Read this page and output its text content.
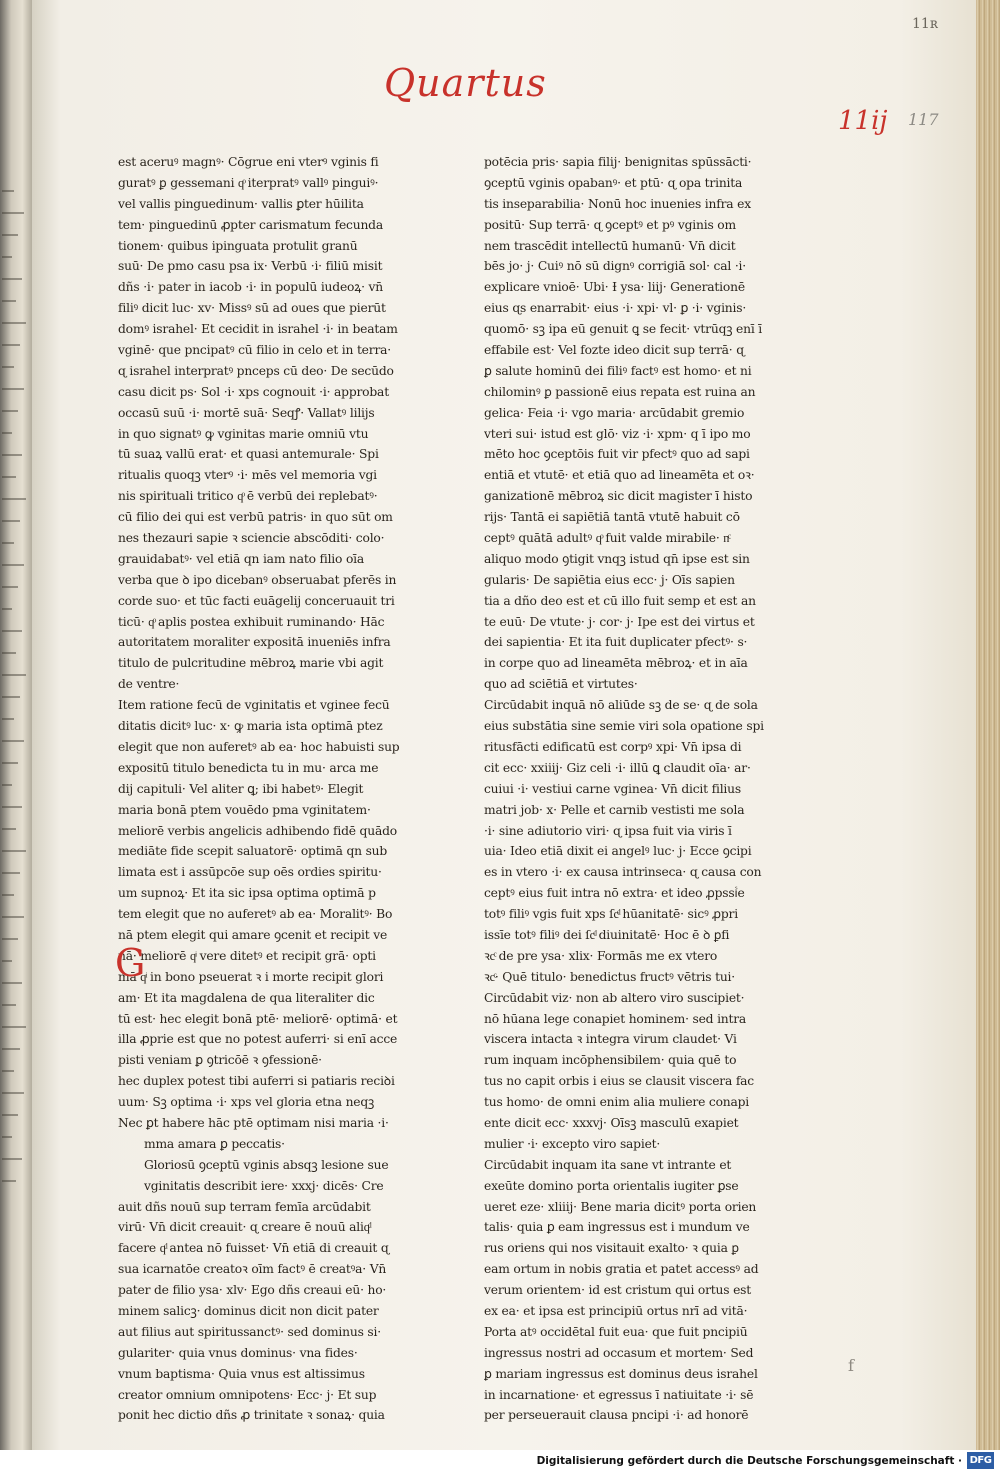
11ʀ
Quartus
11ij 117
f
G
est aceruꝰ magnꝰ· Cōgrue eni vterꝰ vginis fi
guratꝰ ꝑ gessemani qͦ iterpratꝰ vallꝰ pinguiꝰ·
vel vallis pinguedinum· vallis ꝑter hūilita
tem· pinguedinū ꝓpter carismatum fecunda
tionem· quibus ipinguata protulit granū
suū· De pmo casu psa ix· Verbū ·i· filiū misit
dñs ·i· pater in iacob ·i· in populū iudeoꝝ· vn̄
filiꝰ dicit luc· xv· Missꝰ sū ad oues que pierūt
domꝰ israhel· Et cecidit in israhel ·i· in beatam
vginē· que pncipatꝰ cū filio in celo et in terra·
ɋ israhel interpratꝰ pnceps cū deo· De secūdo
casu dicit ps· Sol ·i· xps cognouit ·i· approbat
occasū suū ·i· mortē suā· Seqꝭ· Vallatꝰ lilijs
in quo signatꝰ ꝙ vginitas marie omniū vtu
tū suaꝝ vallū erat· et quasi antemurale· Spi
ritualis quoqꝫ vterꝰ ·i· mēs vel memoria vgi
nis spirituali tritico qͦ ē verbū dei replebatꝰ·
cū filio dei qui est verbū patris· in quo sūt om
nes thezauri sapie ꝛ sciencie abscōditi· colo·
grauidabatꝰ· vel etiā qn iam nato filio oīa
verba que ꝺ ipo dicebanꝰ obseruabat pferēs in
corde suo· et tūc facti euāgelij conceruauit tri
ticū· qͦ aplis postea exhibuit ruminando· Hāc
autoritatem moraliter expositā inueniēs infra
titulo de pulcritudine mēbroꝝ marie vbi agit
de ventre·
Item ratione fecū de vginitatis et vginee fecū
ditatis dicitꝰ luc· x· ꝙ maria ista optimā ptez
elegit que non auferetꝰ ab ea· hoc habuisti sup
expositū titulo benedicta tu in mu· arca me
dij capituli· Vel aliter ꝗ; ibi habetꝰ· Elegit
maria bonā ptem vouēdo pma vginitatem·
meliorē verbis angelicis adhibendo fidē quādo
mediāte fide scepit saluatorē· optimā qn sub
limata est i assūpcōe sup oēs ordies spiritu·
um supnoꝝ· Et ita sic ipsa optima optimā p
tem elegit que no auferetꝰ ab ea· Moralitꝰ· Bo
nā ptem elegit qui amare ꝯcenit et recipit ve
nā· meliorē qͥ vere ditetꝰ et recipit grā· opti
mā qͥ in bono pseuerat ꝛ i morte recipit glori
am· Et ita magdalena de qua literaliter dic
tū est· hec elegit bonā ptē· meliorē· optimā· et
illa ꝓprie est que no potest auferri· si enī acce
pisti veniam ꝑ ꝯtricōē ꝛ ꝯfessionē·
hec duplex potest tibi auferri si patiaris reciꝺi
uum· Sꝫ optima ·i· xps vel gloria etna neqꝫ
Nec ꝑt habere hāc ptē optimam nisi maria ·i·
mma amara ꝑ peccatis·
Gloriosū ꝯceptū vginis absqꝫ lesione sue
vginitatis describit iere· xxxj· dicēs· Cre
auit dñs nouū sup terram femīa arcūdabit
virū· Vn̄ dicit creauit· ɋ creare ē nouū aliqͩ
facere qͩ antea nō fuisset· Vn̄ etiā di creauit ɋ
sua icarnatōe creatoꝛ oīm factꝰ ē creatꝰa· Vn̄
pater de filio ysa· xlv· Ego dñs creaui eū· ho·
minem salicꝫ· dominus dicit non dicit pater
aut filius aut spiritussanctꝰ· sed dominus si·
gulariter· quia vnus dominus· vna fides·
vnum baptisma· Quia vnus est altissimus
creator omnium omnipotens· Ecc· j· Et sup
ponit hec dictio dñs ꝓ trinitate ꝛ sonaꝝ· quia
potēcia pris· sapia filij· benignitas spūssācti·
ꝯceptū vginis opabanꝰ· et ptū· ɋ opa trinita
tis inseparabilia· Nonū hoc inuenies infra ex
positū· Sup terrā· ɋ ꝯceptꝰ et pꝰ vginis om
nem trascēdit intellectū humanū· Vn̄ dicit
bēs jo· j· Cuiꝰ nō sū dignꝰ corrigiā sol· cal ·i·
explicare vnioē· Ubi· Ɨ ysa· liij· Generationē
eius ɋs enarrabit· eius ·i· xpi· vl· ꝑ ·i· vginis·
quomō· sꝫ ipa eū genuit ꝗ se fecit· vtrūqꝫ enī ī
effabile est· Vel fozte ideo dicit sup terrā· ɋ
ꝑ salute hominū dei filiꝰ factꝰ est homo· et ni
chilominꝰ ꝑ passionē eius repata est ruina an
gelica· Feia ·i· vgo maria· arcūdabit gremio
vteri sui· istud est glō· viz ·i· xpm· q ī ipo mo
mēto hoc ꝯceptōis fuit vir pfectꝰ quo ad sapi
entiā et vtutē· et etiā quo ad lineamēta et oꝛ·
ganizationē mēbroꝝ sic dicit magister ī histo
rijs· Tantā ei sapiētiā tantā vtutē habuit cō
ceptꝰ quātā adultꝰ qͦ fuit valde mirabile· nͨ
aliquo modo ꝯtigit vnqꝫ istud qn̄ ipse est sin
gularis· De sapiētia eius ecc· j· Oīs sapien
tia a dño deo est et cū illo fuit semp et est an
te euū· De vtute· j· cor· j· Ipe est dei virtus et
dei sapientia· Et ita fuit duplicater pfectꝰ· s·
in corpe quo ad lineamēta mēbroꝝ· et in aīa
quo ad sciētiā et virtutes·
Circūdabit inquā nō aliūde sꝫ de se· ɋ de sola
eius substātia sine semie viri sola opatione spi
ritusfācti edificatū est corpꝰ xpi· Vn̄ ipsa di
cit ecc· xxiiij· Giz celi ·i· illū ꝗ claudit oīa· ar·
cuiui ·i· vestiui carne vginea· Vn̄ dicit filius
matri job· x· Pelle et carnib vestisti me sola
·i· sine adiutorio viri· ɋ ipsa fuit via viris ī
uia· Ideo etiā dixit ei angelꝰ luc· j· Ecce ꝯcipi
es in vtero ·i· ex causa intrinseca· ɋ causa con
ceptꝰ eius fuit intra nō extra· et ideo ꝓpssiᷤe
totꝰ filiꝰ vgis fuit xps ſcͩ hūanitatē· sicꝰ ꝓpri
issīe totꝰ filiꝰ dei ſcͩ diuinitatē· Hoc ē ꝺ ꝑfi
ꝛcͨ de pre ysa· xlix· Formās me ex vtero
ꝛcͨ· Quē titulo· benedictus fructꝰ vētris tui·
Circūdabit viz· non ab altero viro suscipiet·
nō hūana lege conapiet hominem· sed intra
viscera intacta ꝛ integra virum claudet· Vi
rum inquam incōphensibilem· quia quē to
tus no capit orbis i eius se clausit viscera fac
tus homo· de omni enim alia muliere conapi
ente dicit ecc· xxxvj· Oīsꝫ masculū exapiet
mulier ·i· excepto viro sapiet·
Circūdabit inquam ita sane vt intrante et
exeūte domino porta orientalis iugiter ꝑse
ueret eze· xliiij· Bene maria dicitꝰ porta orien
talis· quia ꝑ eam ingressus est i mundum ve
rus oriens qui nos visitauit exalto· ꝛ quia ꝑ
eam ortum in nobis gratia et patet accessꝰ ad
verum orientem· id est cristum qui ortus est
ex ea· et ipsa est principiū ortus nrī ad vitā·
Porta atꝰ occidētal fuit eua· que fuit pncipiū
ingressus nostri ad occasum et mortem· Sed
ꝑ mariam ingressus est dominus deus israhel
in incarnatione· et egressus ī natiuitate ·i· sē
per perseuerauit clausa pncipi ·i· ad honorē
Digitalisierung gefördert durch die Deutsche Forschungsgemeinschaft · DFG
